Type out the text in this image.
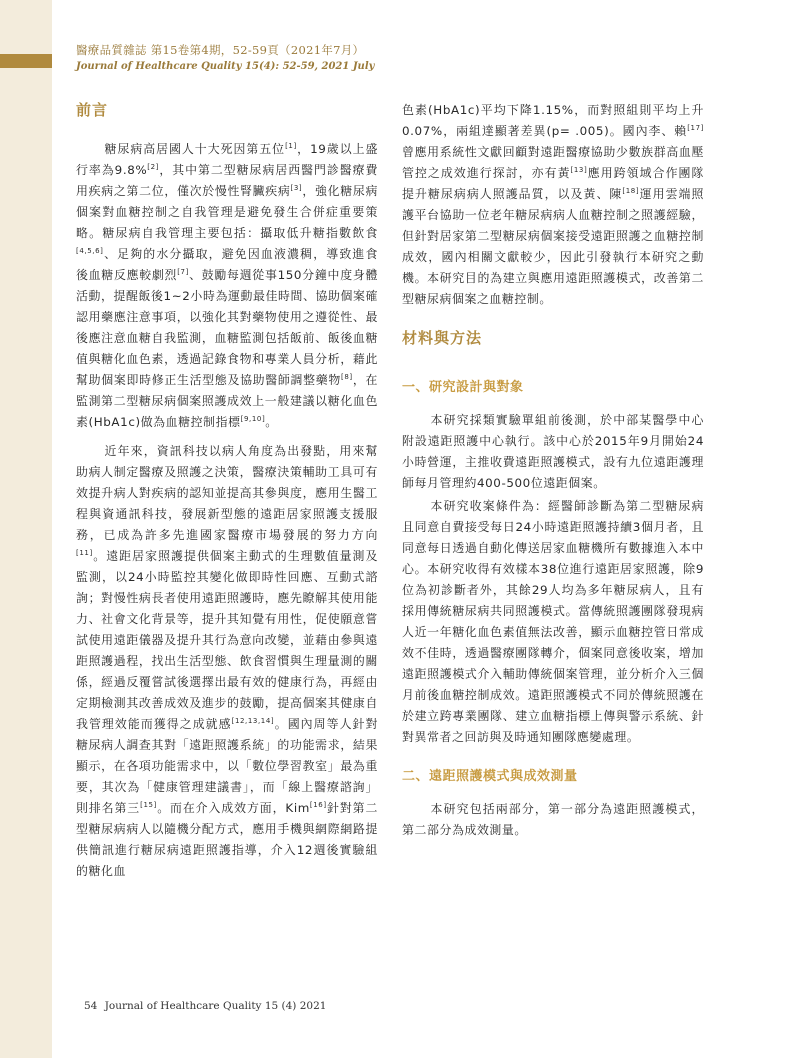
醫療品質雜誌 第15卷第4期，52-59頁（2021年7月）
Journal of Healthcare Quality 15(4): 52-59, 2021 July
前言

糖尿病高居國人十大死因第五位[1]，19歲以上盛行率為9.8%[2]，其中第二型糖尿病居西醫門診醫療費用疾病之第二位，僅次於慢性腎臟疾病[3]，強化糖尿病個案對血糖控制之自我管理是避免發生合併症重要策略。糖尿病自我管理主要包括：攝取低升糖指數飲食[4,5,6]、足夠的水分攝取，避免因血液濃稠，導致進食後血糖反應較劇烈[7]、鼓勵每週從事150分鐘中度身體活動，提醒飯後1~2小時為運動最佳時間、協助個案確認用藥應注意事項，以強化其對藥物使用之遵從性、最後應注意血糖自我監測，血糖監測包括飯前、飯後血糖值與糖化血色素，透過記錄食物和專業人員分析，藉此幫助個案即時修正生活型態及協助醫師調整藥物[8]，在監測第二型糖尿病個案照護成效上一般建議以糖化血色素(HbA1c)做為血糖控制指標[9,10]。

近年來，資訊科技以病人角度為出發點，用來幫助病人制定醫療及照護之決策，醫療決策輔助工具可有效提升病人對疾病的認知並提高其參與度，應用生醫工程與資通訊科技，發展新型態的遠距居家照護支援服務，已成為許多先進國家醫療市場發展的努力方向[11]。遠距居家照護提供個案主動式的生理數值量測及監測，以24小時監控其變化做即時性回應、互動式諮詢；對慢性病長者使用遠距照護時，應先瞭解其使用能力、社會文化背景等，提升其知覺有用性，促使願意嘗試使用遠距儀器及提升其行為意向改變，並藉由參與遠距照護過程，找出生活型態、飲食習慣與生理量測的關係，經過反覆嘗試後選擇出最有效的健康行為，再經由定期檢測其改善成效及進步的鼓勵，提高個案其健康自我管理效能而獲得之成就感[12,13,14]。國內周等人針對糖尿病人調查其對「遠距照護系統」的功能需求，結果顯示，在各項功能需求中，以「數位學習教室」最為重要，其次為「健康管理建議書」，而「線上醫療諮詢」則排名第三[15]。而在介入成效方面，Kim[16]針對第二型糖尿病病人以隨機分配方式，應用手機與網際網路提供簡訊進行糖尿病遠距照護指導，介入12週後實驗組的糖化血

色素(HbA1c)平均下降1.15%，而對照組則平均上升0.07%，兩組達顯著差異(p= .005)。國內李、賴[17]曾應用系統性文獻回顧對遠距醫療協助少數族群高血壓管控之成效進行探討，亦有黃[13]應用跨領域合作團隊提升糖尿病病人照護品質，以及黃、陳[18]運用雲端照護平台協助一位老年糖尿病病人血糖控制之照護經驗，但針對居家第二型糖尿病個案接受遠距照護之血糖控制成效，國內相關文獻較少，因此引發執行本研究之動機。本研究目的為建立與應用遠距照護模式，改善第二型糖尿病個案之血糖控制。

材料與方法
一、研究設計與對象

本研究採類實驗單組前後測，於中部某醫學中心附設遠距照護中心執行。該中心於2015年9月開始24小時營運，主推收費遠距照護模式，設有九位遠距護理師每月管理約400-500位遠距個案。

本研究收案條件為：經醫師診斷為第二型糖尿病且同意自費接受每日24小時遠距照護持續3個月者，且同意每日透過自動化傳送居家血糖機所有數據進入本中心。本研究收得有效樣本38位進行遠距居家照護，除9位為初診斷者外，其餘29人均為多年糖尿病人，且有採用傳統糖尿病共同照護模式。當傳統照護團隊發現病人近一年糖化血色素值無法改善，顯示血糖控管日常成效不佳時，透過醫療團隊轉介，個案同意後收案，增加遠距照護模式介入輔助傳統個案管理，並分析介入三個月前後血糖控制成效。遠距照護模式不同於傳統照護在於建立跨專業團隊、建立血糖指標上傳與警示系統、針對異常者之回訪與及時通知團隊應變處理。

二、遠距照護模式與成效測量

本研究包括兩部分，第一部分為遠距照護模式，第二部分為成效測量。

54 Journal of Healthcare Quality 15 (4) 2021
